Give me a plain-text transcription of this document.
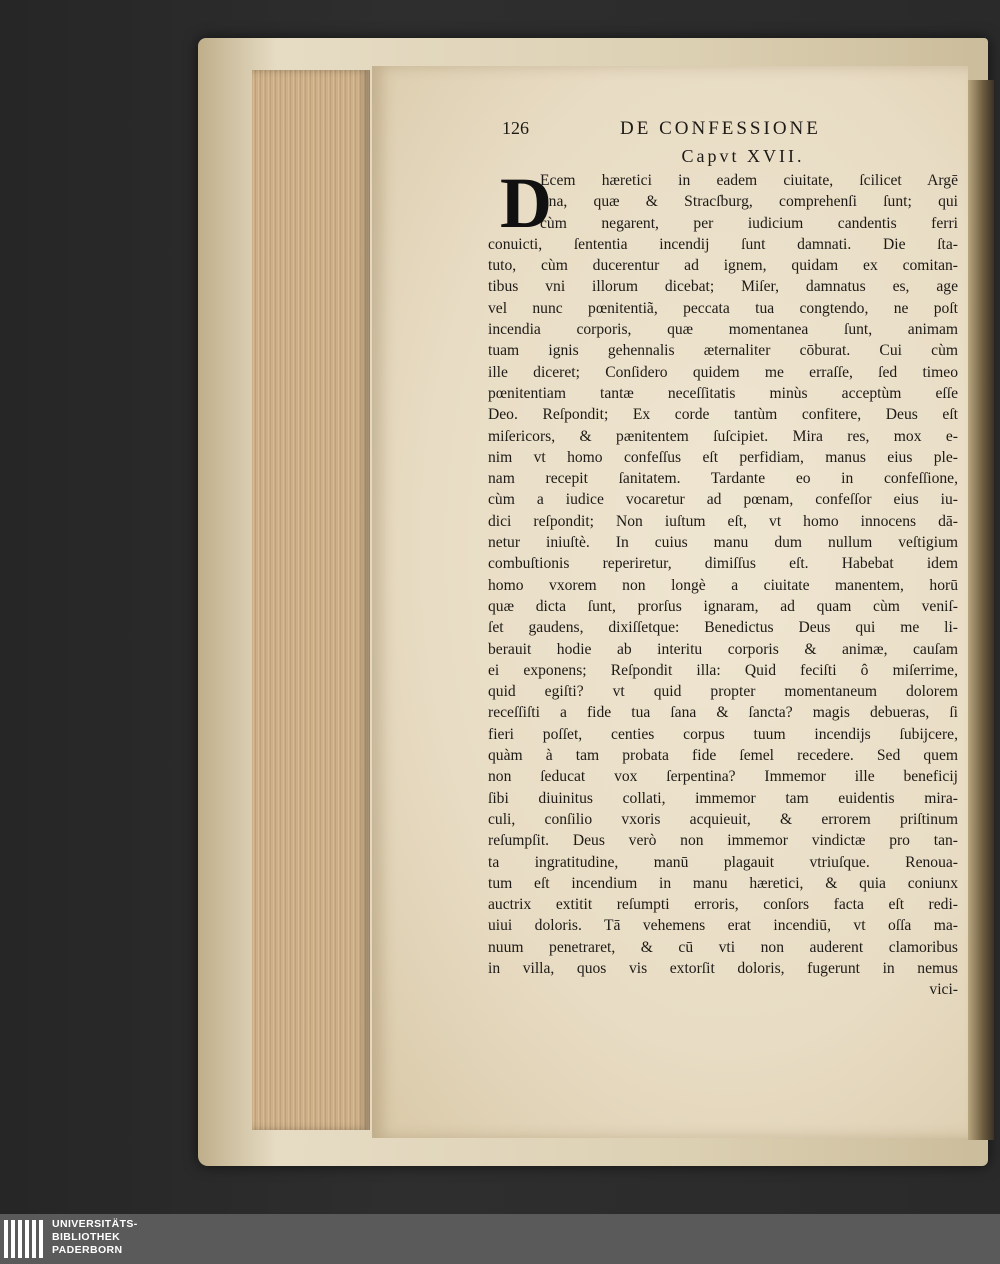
126	DE CONFESSIONE
Capvt XVII.
D
Ecem hæretici in eadem ciuitate, ſcilicet Argē
tina, quæ & Stracſburg, comprehenſi ſunt; qui
cùm negarent, per iudicium candentis ferri
conuicti, ſententia incendij ſunt damnati. Die ſta-
tuto, cùm ducerentur ad ignem, quidam ex comitan-
tibus vni illorum dicebat; Miſer, damnatus es, age
vel nunc pœnitentiã, peccata tua congtendo, ne poſt
incendia corporis, quæ momentanea ſunt, animam
tuam ignis gehennalis æternaliter cōburat. Cui cùm
ille diceret; Conſidero quidem me erraſſe, ſed timeo
pœnitentiam tantæ neceſſitatis minùs acceptùm eſſe
Deo. Reſpondit; Ex corde tantùm confitere, Deus eſt
miſericors, & pænitentem ſuſcipiet. Mira res, mox e-
nim vt homo confeſſus eſt perfidiam, manus eius ple-
nam recepit ſanitatem. Tardante eo in confeſſione,
cùm a iudice vocaretur ad pœnam, confeſſor eius iu-
dici reſpondit; Non iuſtum eſt, vt homo innocens dā-
netur iniuſtè. In cuius manu dum nullum veſtigium
combuſtionis reperiretur, dimiſſus eſt. Habebat idem
homo vxorem non longè a ciuitate manentem, horū
quæ dicta ſunt, prorſus ignaram, ad quam cùm veniſ-
ſet gaudens, dixiſſetque: Benedictus Deus qui me li-
berauit hodie ab interitu corporis & animæ, cauſam
ei exponens; Reſpondit illa: Quid feciſti ô miſerrime,
quid egiſti? vt quid propter momentaneum dolorem
receſſiſti a fide tua ſana & ſancta? magis debueras, ſi
fieri poſſet, centies corpus tuum incendijs ſubijcere,
quàm à tam probata fide ſemel recedere. Sed quem
non ſeducat vox ſerpentina? Immemor ille beneficij
ſibi diuinitus collati, immemor tam euidentis mira-
culi, conſilio vxoris acquieuit, & errorem priſtinum
reſumpſit. Deus verò non immemor vindictæ pro tan-
ta ingratitudine, manū plagauit vtriuſque. Renoua-
tum eſt incendium in manu hæretici, & quia coniunx
auctrix extitit reſumpti erroris, conſors facta eſt redi-
uiui doloris. Tā vehemens erat incendiū, vt oſſa ma-
nuum penetraret, & cū vti non auderent clamoribus
in villa, quos vis extorſit doloris, fugerunt in nemus
vici-
UNIVERSITÄTS-
BIBLIOTHEK
PADERBORN
